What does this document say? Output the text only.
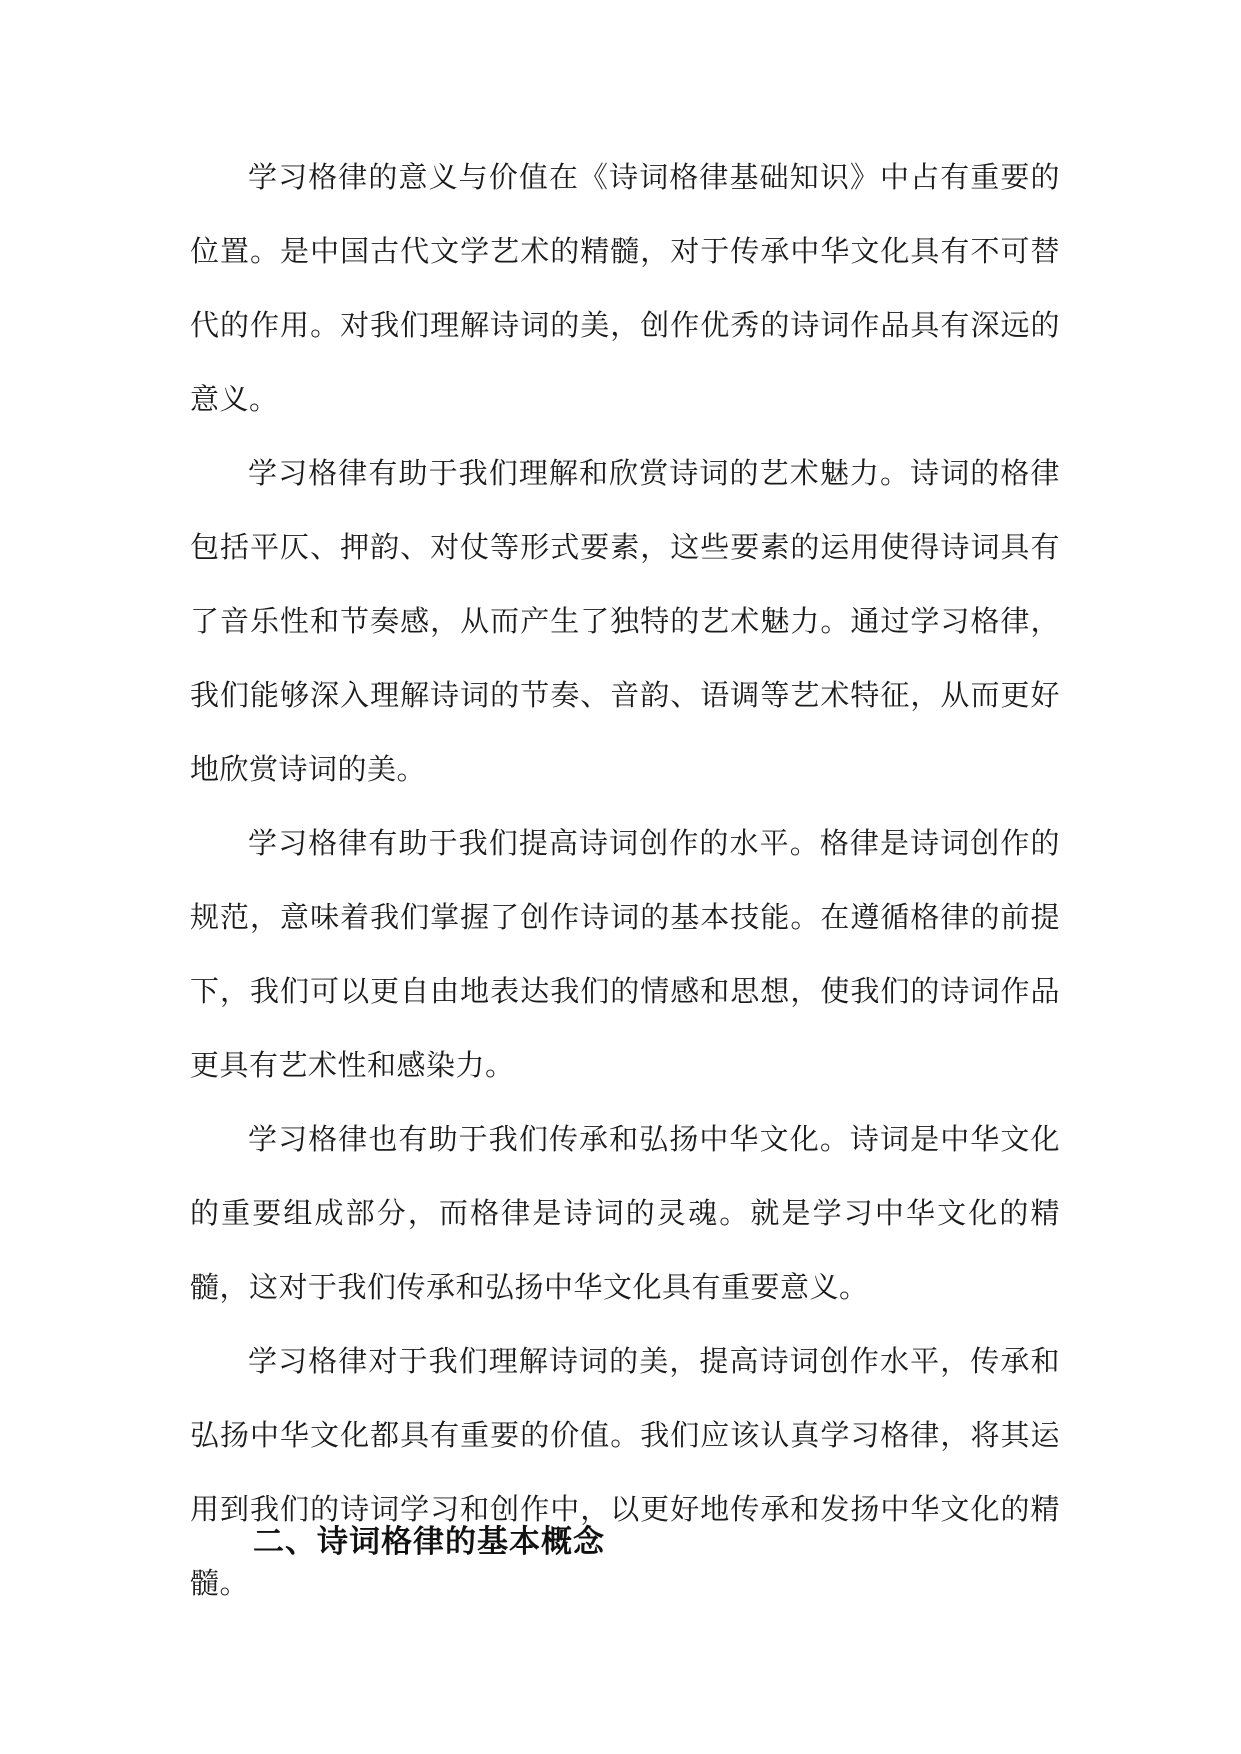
学习格律的意义与价值在《诗词格律基础知识》中占有重要的位置。是中国古代文学艺术的精髓，对于传承中华文化具有不可替代的作用。对我们理解诗词的美，创作优秀的诗词作品具有深远的意义。

学习格律有助于我们理解和欣赏诗词的艺术魅力。诗词的格律包括平仄、押韵、对仗等形式要素，这些要素的运用使得诗词具有了音乐性和节奏感，从而产生了独特的艺术魅力。通过学习格律，我们能够深入理解诗词的节奏、音韵、语调等艺术特征，从而更好地欣赏诗词的美。

学习格律有助于我们提高诗词创作的水平。格律是诗词创作的规范，意味着我们掌握了创作诗词的基本技能。在遵循格律的前提下，我们可以更自由地表达我们的情感和思想，使我们的诗词作品更具有艺术性和感染力。

学习格律也有助于我们传承和弘扬中华文化。诗词是中华文化的重要组成部分，而格律是诗词的灵魂。就是学习中华文化的精髓，这对于我们传承和弘扬中华文化具有重要意义。

学习格律对于我们理解诗词的美，提高诗词创作水平，传承和弘扬中华文化都具有重要的价值。我们应该认真学习格律，将其运用到我们的诗词学习和创作中，以更好地传承和发扬中华文化的精髓。

二、诗词格律的基本概念
